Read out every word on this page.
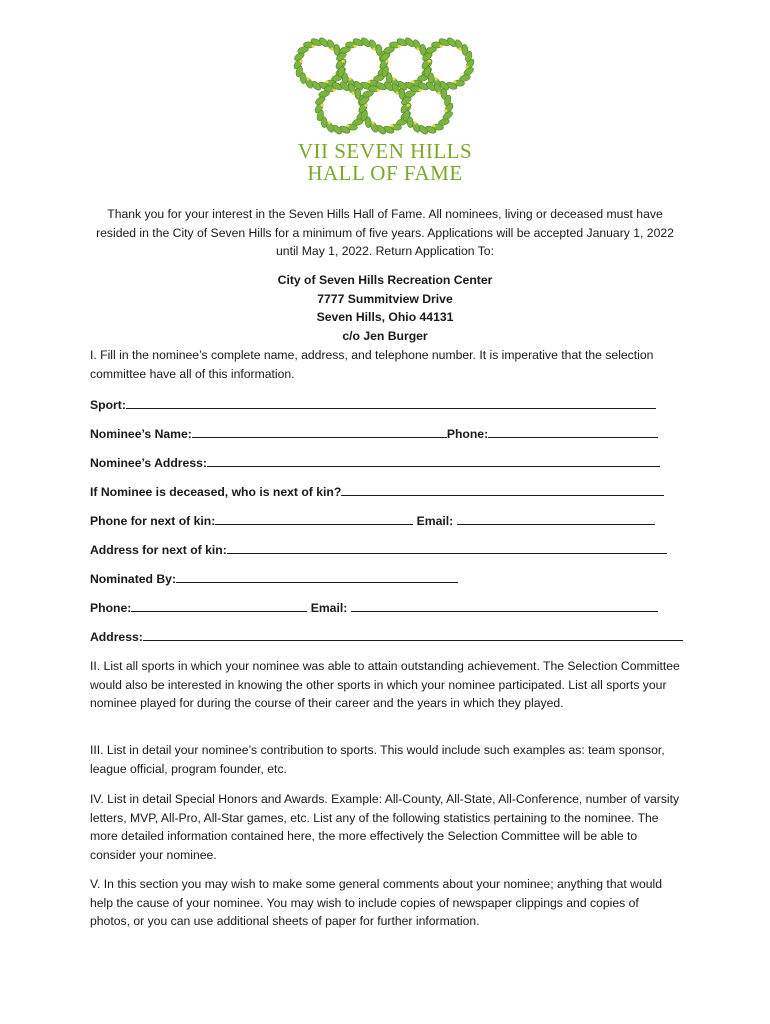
VII SEVEN HILLS
HALL OF FAME
Thank you for your interest in the Seven Hills Hall of Fame. All nominees, living or deceased must have resided in the City of Seven Hills for a minimum of five years. Applications will be accepted January 1, 2022 until May 1, 2022. Return Application To:
City of Seven Hills Recreation Center
7777 Summitview Drive
Seven Hills, Ohio 44131
c/o Jen Burger
I. Fill in the nominee’s complete name, address, and telephone number. It is imperative that the selection committee have all of this information.
Sport:
Nominee’s Name:	Phone:
Nominee’s Address:
If Nominee is deceased, who is next of kin?
Phone for next of kin:	Email:
Address for next of kin:
Nominated By:
Phone:	Email:
Address:
II. List all sports in which your nominee was able to attain outstanding achievement. The Selection Committee would also be interested in knowing the other sports in which your nominee participated. List all sports your nominee played for during the course of their career and the years in which they played.
III. List in detail your nominee’s contribution to sports. This would include such examples as: team sponsor, league official, program founder, etc.
IV. List in detail Special Honors and Awards. Example: All-County, All-State, All-Conference, number of varsity letters, MVP, All-Pro, All-Star games, etc. List any of the following statistics pertaining to the nominee. The more detailed information contained here, the more effectively the Selection Committee will be able to consider your nominee.
V. In this section you may wish to make some general comments about your nominee; anything that would help the cause of your nominee. You may wish to include copies of newspaper clippings and copies of photos, or you can use additional sheets of paper for further information.
